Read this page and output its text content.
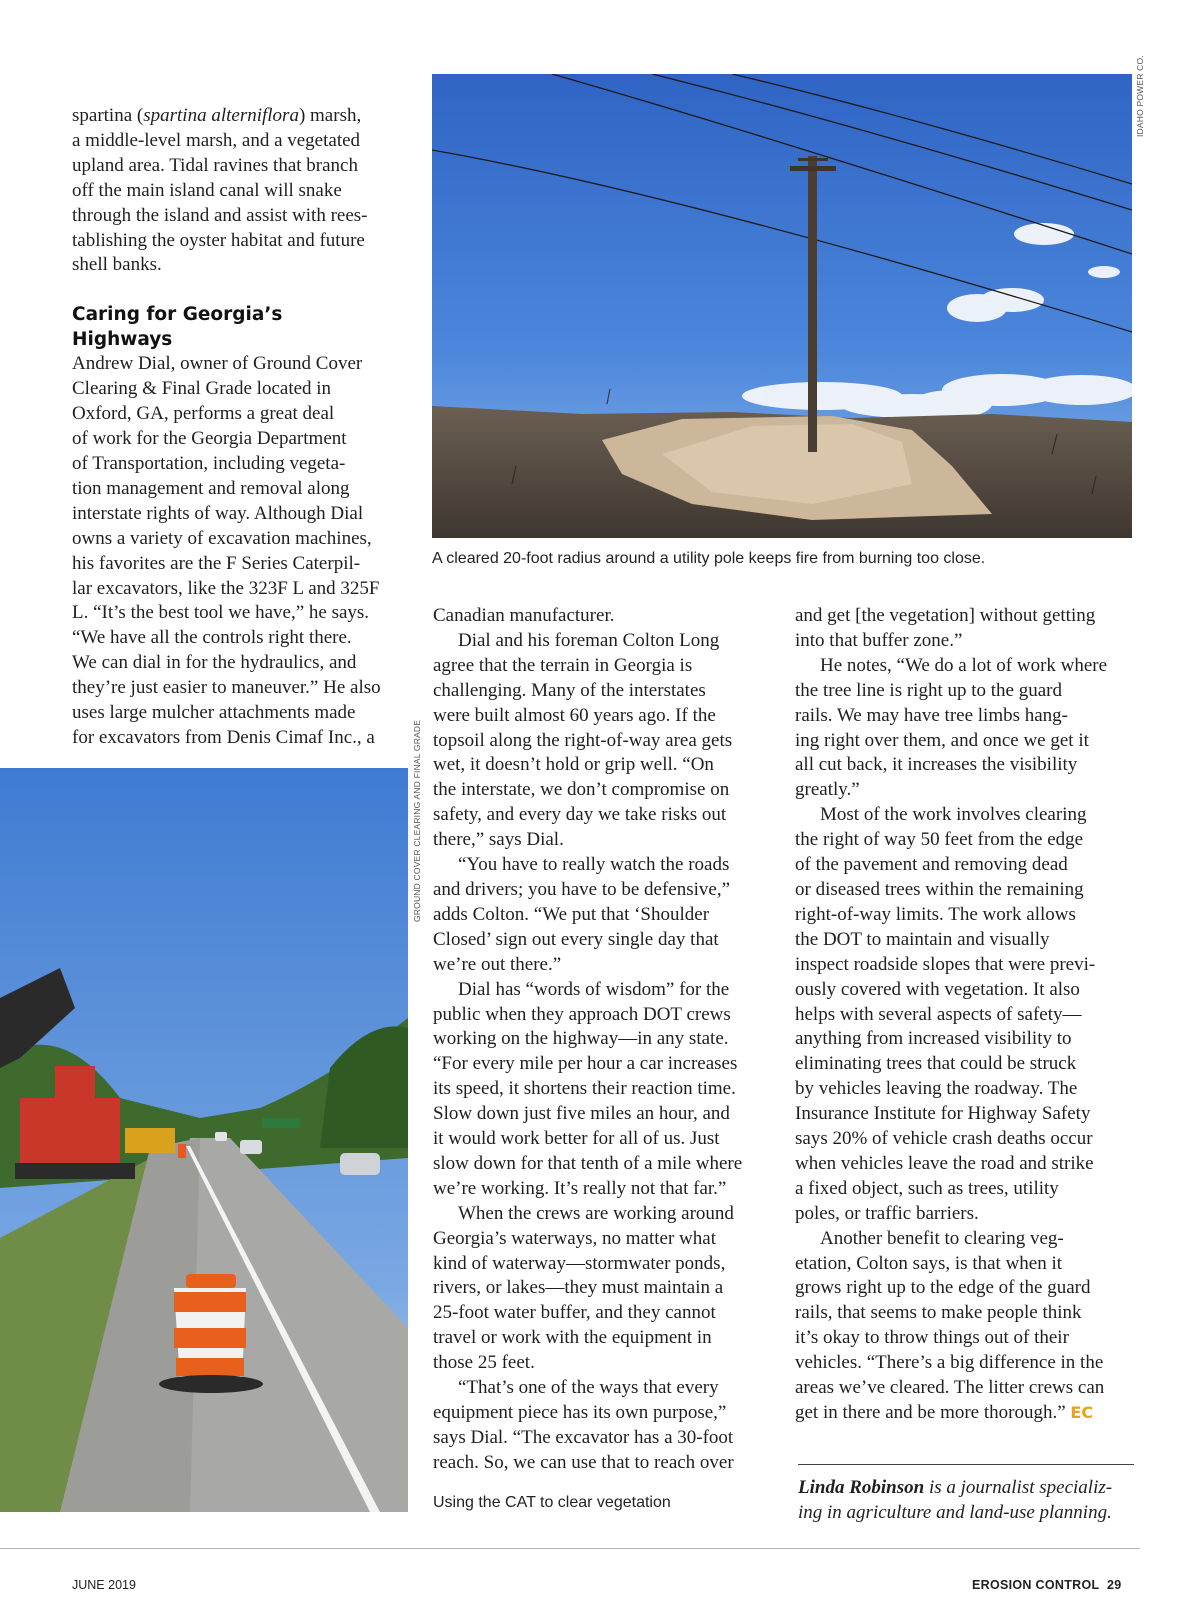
spartina (spartina alterniflora) marsh,

a middle-level marsh, and a vegetated

upland area. Tidal ravines that branch

off the main island canal will snake

through the island and assist with rees-

tablishing the oyster habitat and future

shell banks.

Caring for Georgia’s

Highways

Andrew Dial, owner of Ground Cover

Clearing & Final Grade located in

Oxford, GA, performs a great deal

of work for the Georgia Department

of Transportation, including vegeta-

tion management and removal along

interstate rights of way. Although Dial

owns a variety of excavation machines,

his favorites are the F Series Caterpil-

lar excavators, like the 323F L and 325F

L. “It’s the best tool we have,” he says.

“We have all the controls right there.

We can dial in for the hydraulics, and

they’re just easier to maneuver.” He also

uses large mulcher attachments made

for excavators from Denis Cimaf Inc., a

IDAHO POWER CO.
A cleared 20-foot radius around a utility pole keeps fire from burning too close.
GROUND COVER CLEARING AND FINAL GRADE

Canadian manufacturer.

Dial and his foreman Colton Long

agree that the terrain in Georgia is

challenging. Many of the interstates

were built almost 60 years ago. If the

topsoil along the right-of-way area gets

wet, it doesn’t hold or grip well. “On

the interstate, we don’t compromise on

safety, and every day we take risks out

there,” says Dial.

“You have to really watch the roads

and drivers; you have to be defensive,”

adds Colton. “We put that ‘Shoulder

Closed’ sign out every single day that

we’re out there.”

Dial has “words of wisdom” for the

public when they approach DOT crews

working on the highway—in any state.

“For every mile per hour a car increases

its speed, it shortens their reaction time.

Slow down just five miles an hour, and

it would work better for all of us. Just

slow down for that tenth of a mile where

we’re working. It’s really not that far.”

When the crews are working around

Georgia’s waterways, no matter what

kind of waterway—stormwater ponds,

rivers, or lakes—they must maintain a

25-foot water buffer, and they cannot

travel or work with the equipment in

those 25 feet.

“That’s one of the ways that every

equipment piece has its own purpose,”

says Dial. “The excavator has a 30-foot

reach. So, we can use that to reach over

Using the CAT to clear vegetation

and get [the vegetation] without getting

into that buffer zone.”

He notes, “We do a lot of work where

the tree line is right up to the guard

rails. We may have tree limbs hang-

ing right over them, and once we get it

all cut back, it increases the visibility

greatly.”

Most of the work involves clearing

the right of way 50 feet from the edge

of the pavement and removing dead

or diseased trees within the remaining

right-of-way limits. The work allows

the DOT to maintain and visually

inspect roadside slopes that were previ-

ously covered with vegetation. It also

helps with several aspects of safety—

anything from increased visibility to

eliminating trees that could be struck

by vehicles leaving the roadway. The

Insurance Institute for Highway Safety

says 20% of vehicle crash deaths occur

when vehicles leave the road and strike

a fixed object, such as trees, utility

poles, or traffic barriers.

Another benefit to clearing veg-

etation, Colton says, is that when it

grows right up to the edge of the guard

rails, that seems to make people think

it’s okay to throw things out of their

vehicles. “There’s a big difference in the

areas we’ve cleared. The litter crews can

get in there and be more thorough.” EC

Linda Robinson is a journalist specializ-
ing in agriculture and land-use planning.
JUNE 2019	EROSION CONTROL 29
